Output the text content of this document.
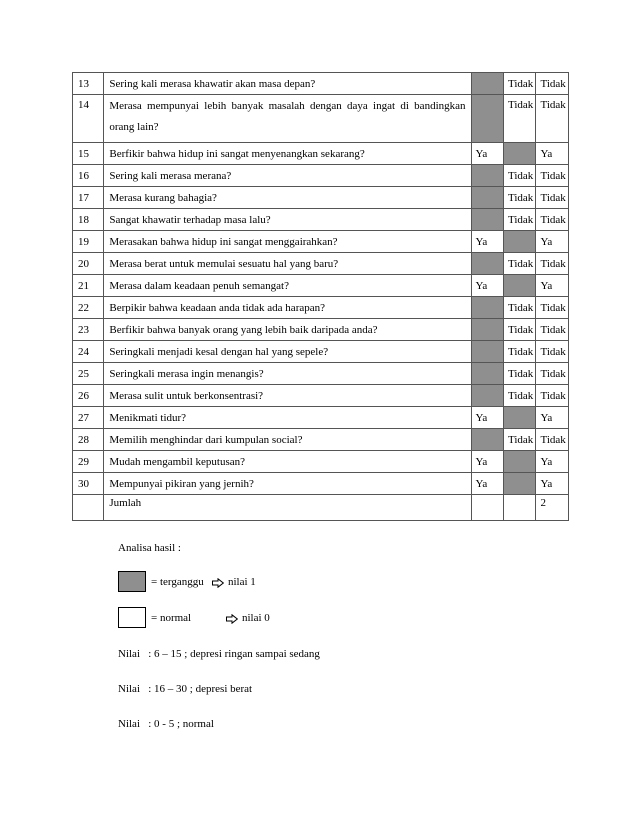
13	Sering kali merasa khawatir akan masa depan?		Tidak	Tidak
14	Merasa mempunyai lebih banyak masalah dengan daya ingat di bandingkan orang lain?		Tidak	Tidak
15	Berfikir bahwa hidup ini sangat menyenangkan sekarang?	Ya		Ya
16	Sering kali merasa merana?		Tidak	Tidak
17	Merasa kurang bahagia?		Tidak	Tidak
18	Sangat khawatir terhadap masa lalu?		Tidak	Tidak
19	Merasakan bahwa hidup ini sangat menggairahkan?	Ya		Ya
20	Merasa berat untuk memulai sesuatu hal yang baru?		Tidak	Tidak
21	Merasa dalam keadaan penuh semangat?	Ya		Ya
22	Berpikir bahwa keadaan anda tidak ada harapan?		Tidak	Tidak
23	Berfikir bahwa banyak orang yang lebih baik daripada anda?		Tidak	Tidak
24	Seringkali menjadi kesal dengan hal yang sepele?		Tidak	Tidak
25	Seringkali merasa ingin menangis?		Tidak	Tidak
26	Merasa sulit untuk berkonsentrasi?		Tidak	Tidak
27	Menikmati tidur?	Ya		Ya
28	Memilih menghindar dari kumpulan social?		Tidak	Tidak
29	Mudah mengambil keputusan?	Ya		Ya
30	Mempunyai pikiran yang jernih?	Ya		Ya
	Jumlah			2
Analisa hasil :
= terganggu nilai 1
= normal	nilai 0
Nilai   : 6 – 15 ; depresi ringan sampai sedang
Nilai   : 16 – 30 ; depresi berat
Nilai   : 0 - 5 ; normal
